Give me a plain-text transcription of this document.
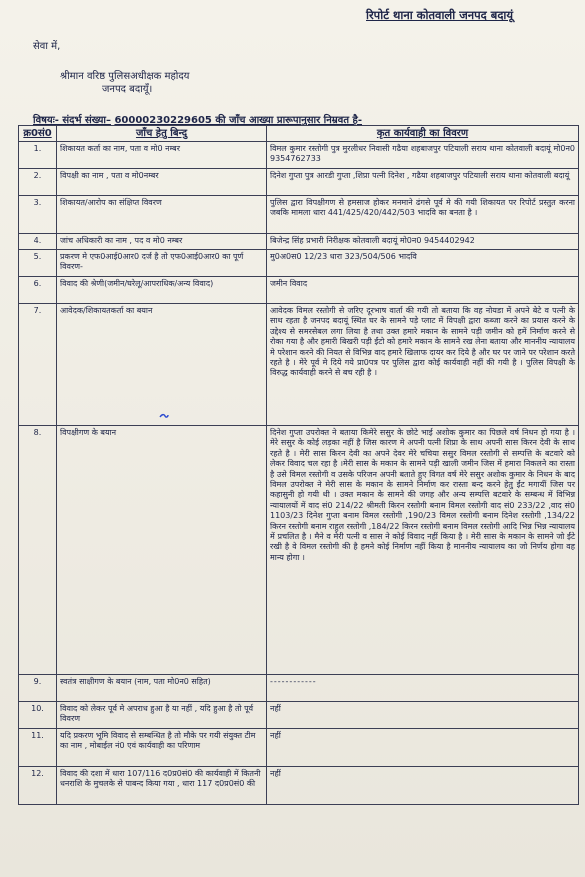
रिपोर्ट थाना कोतवाली जनपद बदायूं
सेवा में,
श्रीमान वरिष्ठ पुलिसअधीक्षक महोदय
जनपद बदायूँ।
विषयः- संदर्भ संख्या– 60000230229605 की जाँच आख्या प्रारूपानुसार निम्रवत है-
क्र0सं0	जाँच हेतु बिन्दु	कृत कार्यवाही का विवरण
1.	शिकायत कर्ता का नाम, पता व मो0 नम्बर	विमल कुमार रस्तोगी पुत्र मुरलीधर निवासी गढैया शहबाजपुर पटियाली सराय थाना कोतवाली बदायूं मो0न0 9354762733
2.	विपक्षी का नाम , पता व मो0नम्बर	दिनेश गुप्ता पुत्र आरडी गुप्ता ,शिप्रा पत्नी दिनेश , गढैया शहबाजपुर पटियाली सराय थाना कोतवाली बदायूं
3.	शिकायत/आरोप का संक्षिप्त विवरण	पुलिस द्वारा विपक्षीगण से हमसाज होकर मनमाने ढंगसे पूर्व मे की गयी शिकायत पर रिपोर्ट प्रस्तुत करना जबकि मामला धारा 441/425/420/442/503 भादवि का बनता है ।
4.	जांच अधिकारी का नाम , पद व मो0 नम्बर	बिजेन्द्र सिंह प्रभारी निरीक्षक कोतवाली बदायूं मो0न0 9454402942
5.	प्रकरण मे एफ0आई0आर0 दर्ज है तो एफ0आई0आर0 का पूर्ण विवरण-	मु0अ0स0 12/23 धारा 323/504/506 भादवि
6.	विवाद की श्रेणी(जमीन/घरेलू/आपराधिक/अन्य विवाद)	जमीन विवाद
7.	आवेदक/शिकायतकर्ता का बयान	आवेदक विमल रस्तोगी से जरिए दूरभाष वार्ता की गयी तो बताया कि वह नोयडा में अपने बेटे व पत्नी के साथ रहता है जनपद बदायूं स्थित घर के सामने पड़े प्लाट में विपक्षी द्वारा कब्जा करने का प्रयास करने के उद्देश्य से समरसेबल लगा लिया है तथा उक्त हमारे मकान के सामने पड़ी जमीन को हमें निर्माण करने से रोका गया है और हमारी बिखरी पड़ी ईंटो को हमारे मकान के सामने रख लेना बताया और माननीय न्यायालय मे परेशान करने की नियत से विभिन्न वाद हमारे खिलाफ दायर कर दिये है और घर पर जाने पर परेशान करते रहते है । मेरे पूर्व मे दिये गये प्रा0पत्र पर पुलिस द्वारा कोई कार्यवाही नहीं की गयी है । पुलिस विपक्षी के विरुद्ध कार्यवाही करने से बच रही है ।
8.	विपक्षीगण के बयान	दिनेश गुप्ता उपरोक्त ने बताया किमेरे ससुर के छोटे भाई अशोक कुमार का पिछले वर्ष निधन हो गया है । मेरे ससुर के कोई लड़का नहीं है जिस कारण मे अपनी पत्नी शिप्रा के साथ अपनी सास किरन देवी के साथ रहते है । मेरी सास किरन देवी का अपने देवर मेरे चचिया ससुर विमल रस्तोगी से सम्पत्ति के बटवारे को लेकर विवाद चल रहा है ।मेरी सास के मकान के सामने पड़ी खाली जमीन जिस में हमारा निकलने का रास्ता है उसे विमल रस्तोगी व उसके परिजन अपनी बताते हुए विगत वर्ष मेरे ससुर अशोक कुमार के निधन के बाद विमल उपरोक्त ने मेरी सास के मकान के सामने निर्माण कर रास्ता बन्द करने हेतु ईंट मगायीं जिस पर कहासुनी हो गयी थी । उक्त मकान के सामने की जगह और अन्य सम्पत्ति बटवारे के सम्बन्ध में विभिन्न न्यायालयों में वाद सं0 214/22 श्रीमती किरन रस्तोगी बनाम विमल रस्तोगी वाद सं0 233/22 ,वाद सं0 1103/23 दिनेश गुप्ता बनाम विमल रस्तोगी ,190/23 विमल रस्तोगी बनाम दिनेश रस्तोगी ,134/22 किरन रस्तोगी बनाम राहुल रस्तोगी ,184/22 किरन रस्तोगी बनाम विमल रस्तोगी आदि भिन्न भिन्न न्यायालय में प्रचलित है । मैने व मेरी पत्नी व सास ने कोई विवाद नहीं किया है । मेरी सास के मकान के सामने जो ईंटे रखी है वे विमल रस्तोगी की है हमने कोई निर्माण नहीं किया है माननीय न्यायालय का जो निर्णय होगा वह मान्य होगा ।
9.	स्वतंत्र साक्षीगण के बयान (नाम, पता मो0न0 सहित)	------------
10.	विवाद को लेकर पूर्व मे अपराध हुआ है या नहीं , यदि हुआ है तो पूर्व विवरण	नहीं
11.	यदि प्रकरण भूमि विवाद से सम्बन्धित है तो मौके पर गयी संयुक्त टीम का नाम , मोबाईल नं0 एवं कार्यवाही का परिणाम	नहीं
12.	विवाद की दशा में धारा 107/116 द0प्र0सं0 की कार्यवाही में कितनी धनराशि के मुचलके से पाबन्द किया गया , धारा 117 द0प्र0सं0 की	नहीं
